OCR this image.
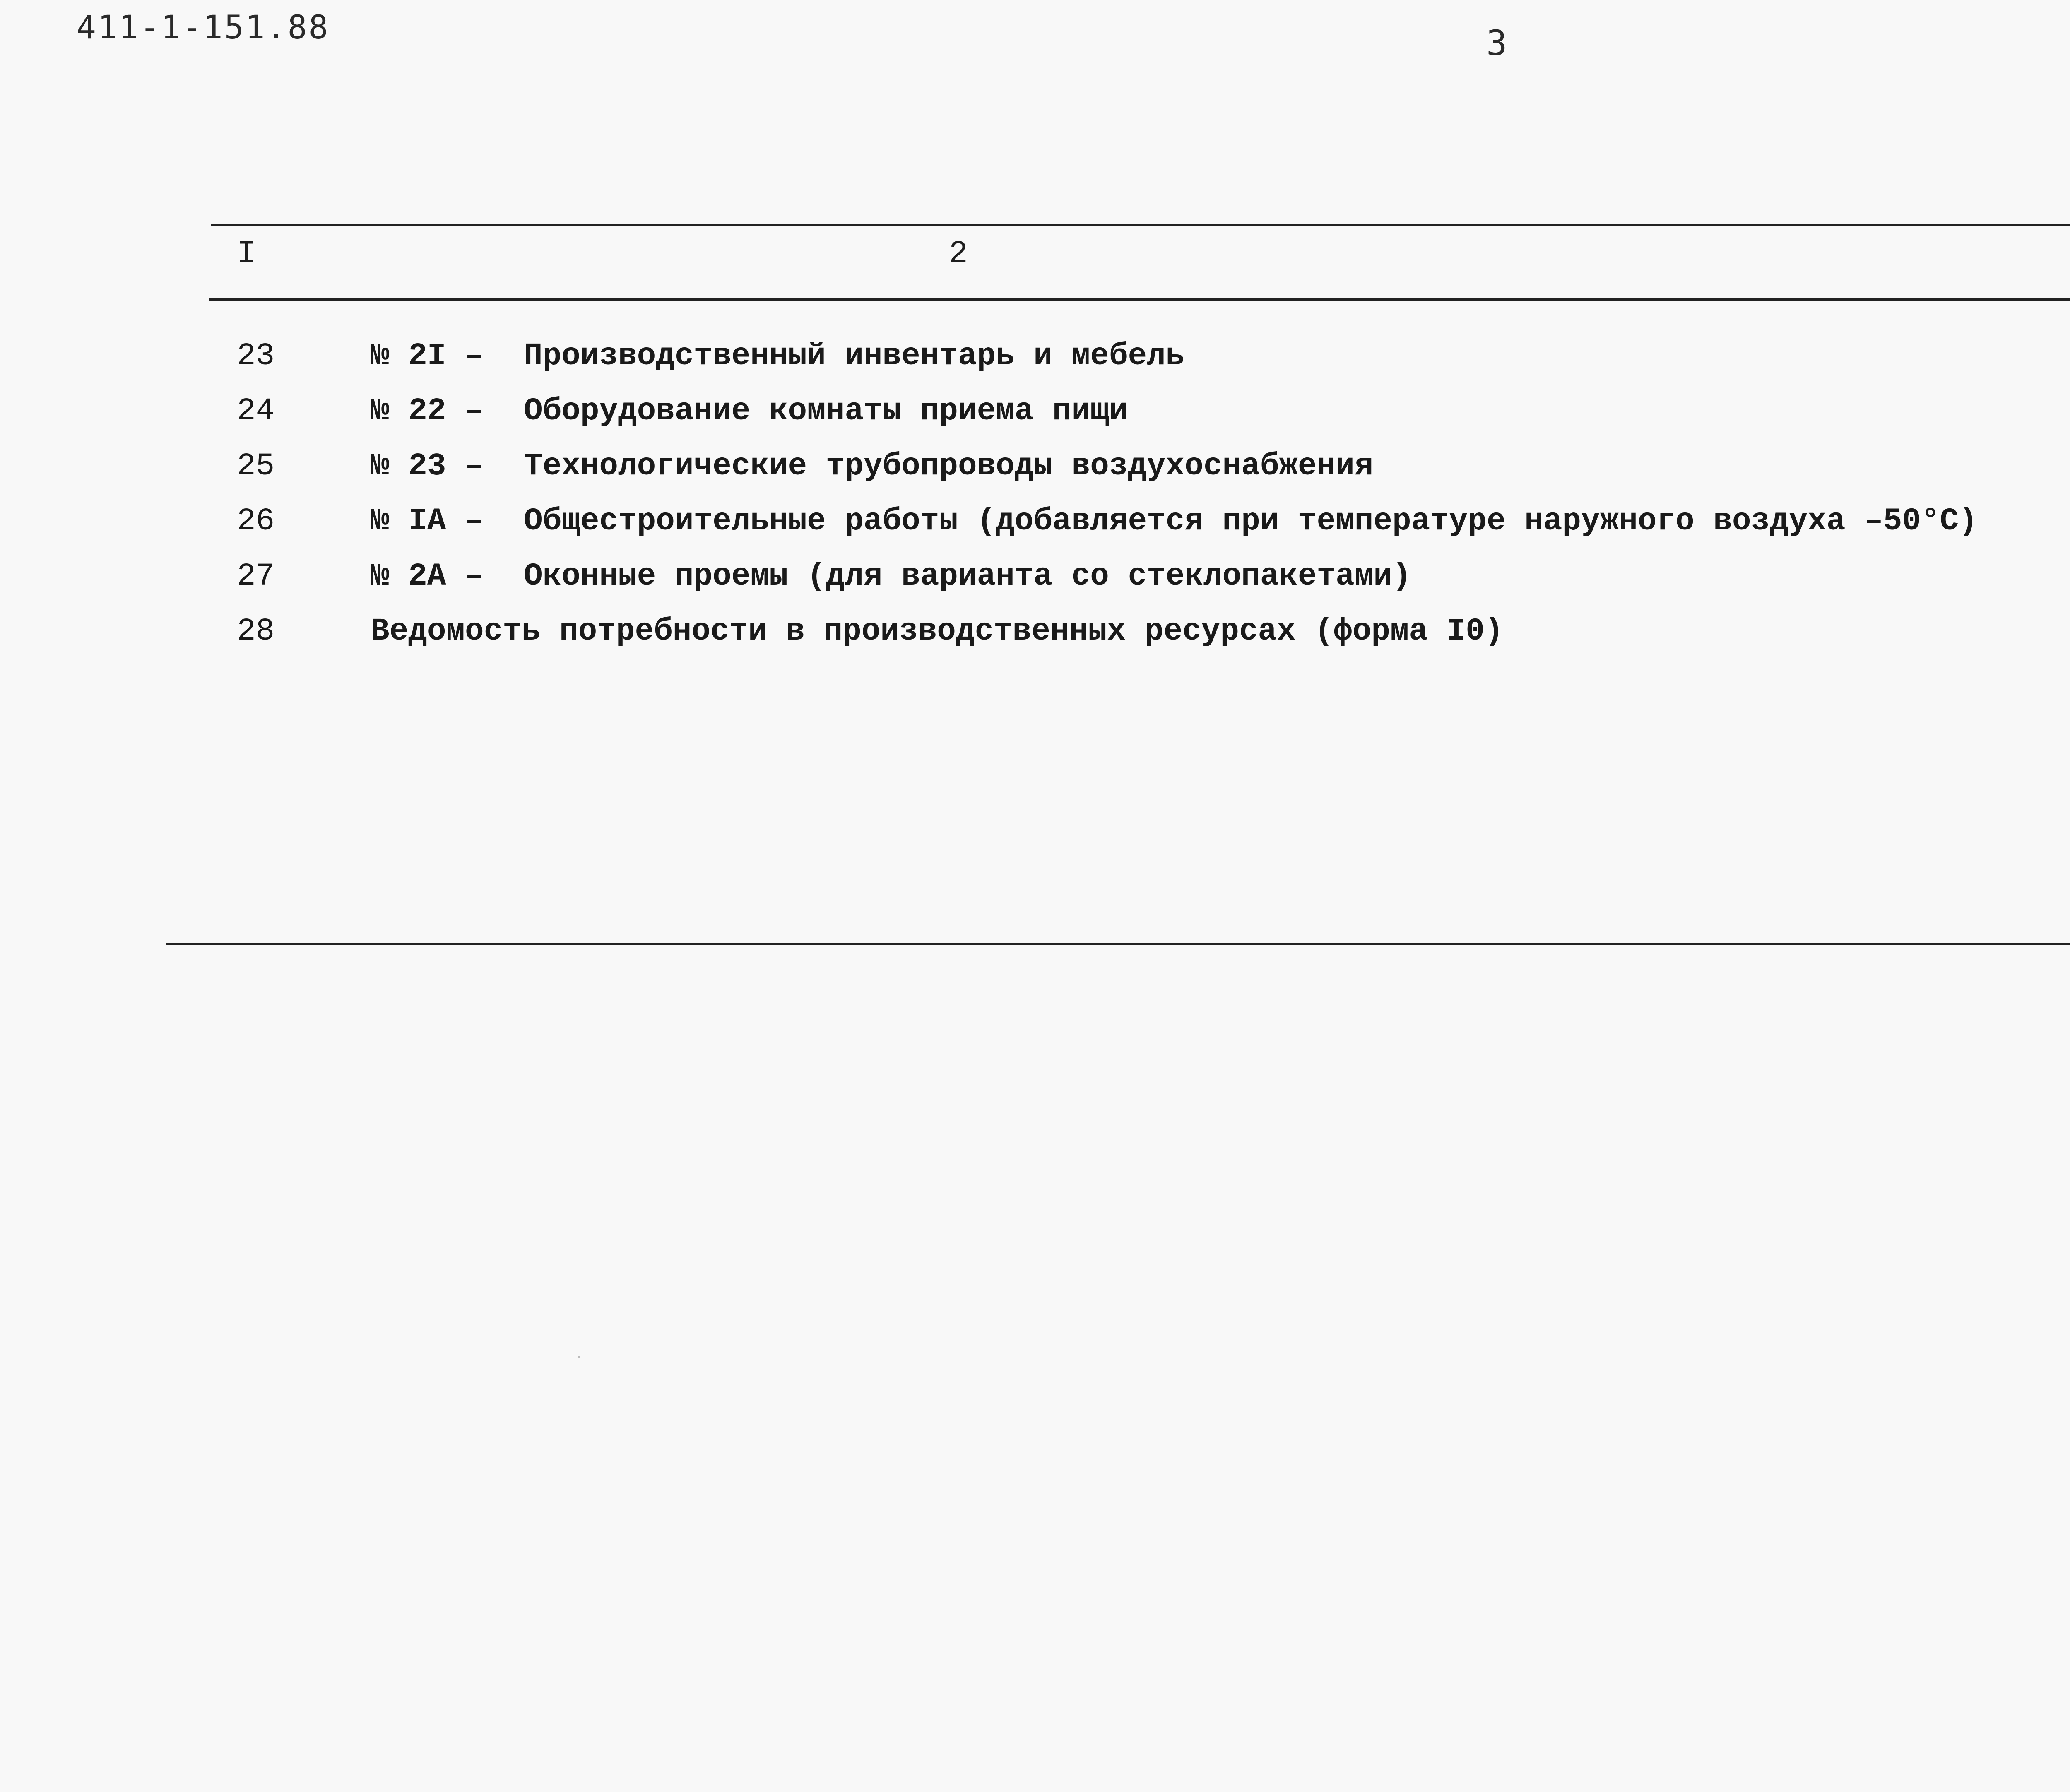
411-1-151.88	3
I	2
23	№ 2I – Производственный инвентарь и мебель
24	№ 22 – Оборудование комнаты приема пищи
25	№ 23 – Технологические трубопроводы воздухоснабжения
26	№ IA – Общестроительные работы (добавляется при температуре наружного воздуха –50°С)
27	№ 2A – Оконные проемы (для варианта со стеклопакетами)
28	Ведомость потребности в производственных ресурсах (форма I0)
